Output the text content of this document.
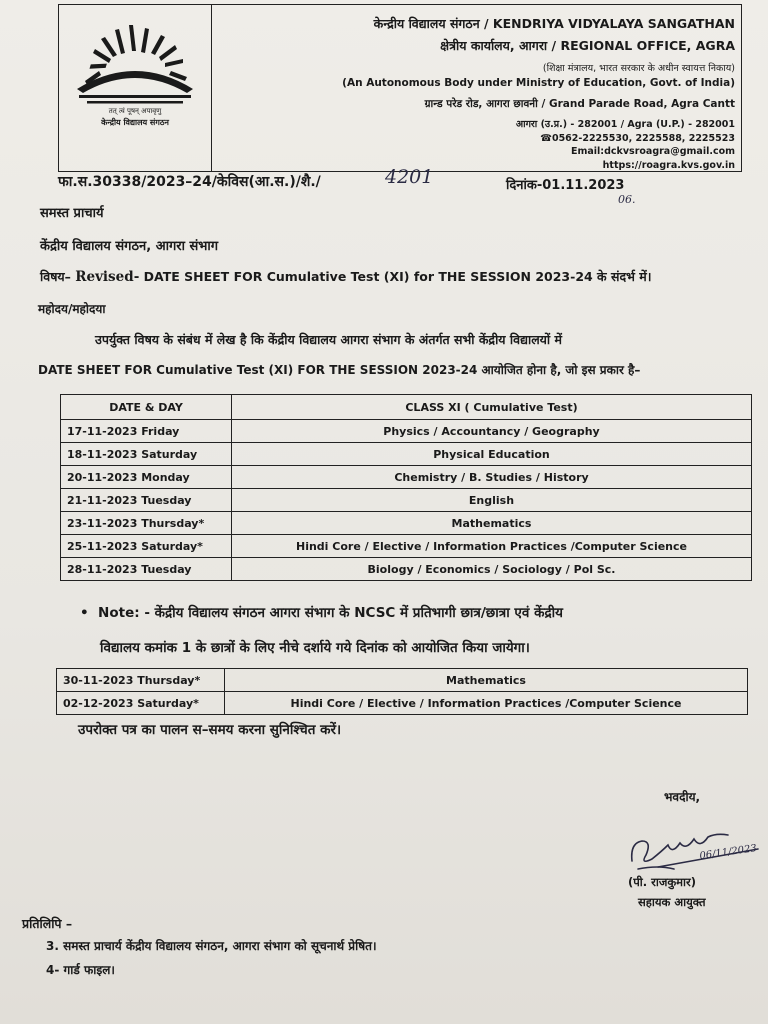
तत् त्वं पूषन् अपावृणु
केन्द्रीय विद्यालय संगठन
केन्द्रीय विद्यालय संगठन / KENDRIYA VIDYALAYA SANGATHAN
क्षेत्रीय कार्यालय, आगरा / REGIONAL OFFICE, AGRA
(शिक्षा मंत्रालय, भारत सरकार के अधीन स्वायत्त निकाय)
(An Autonomous Body under Ministry of Education, Govt. of India)
ग्रान्ड परेड रोड, आगरा छावनी / Grand Parade Road, Agra Cantt
आगरा (उ.प्र.) - 282001 / Agra (U.P.) - 282001
☎0562-2225530, 2225588, 2225523
Email:dckvsroagra@gmail.com
https://roagra.kvs.gov.in
फा.स.30338/2023–24/केविस(आ.स.)/शै./	4201	दिनांक-01.11.2023
06.
समस्त प्राचार्य
केंद्रीय विद्यालय संगठन, आगरा संभाग
विषय– Revised- DATE SHEET FOR Cumulative Test (XI) for THE SESSION 2023-24 के संदर्भ में।
महोदय/महोदया
उपर्युक्त विषय के संबंध में लेख है कि केंद्रीय विद्यालय आगरा संभाग के अंतर्गत सभी केंद्रीय विद्यालयों में
DATE SHEET FOR Cumulative Test (XI) FOR THE SESSION 2023-24 आयोजित होना है, जो इस प्रकार है–
DATE & DAY	CLASS XI ( Cumulative Test)
17-11-2023 Friday	Physics / Accountancy / Geography
18-11-2023 Saturday	Physical Education
20-11-2023 Monday	Chemistry / B. Studies / History
21-11-2023 Tuesday	English
23-11-2023 Thursday*	Mathematics
25-11-2023 Saturday*	Hindi Core / Elective / Information Practices /Computer Science
28-11-2023 Tuesday	Biology / Economics / Sociology / Pol Sc.
• Note: - केंद्रीय विद्यालय संगठन आगरा संभाग के NCSC में प्रतिभागी छात्र/छात्रा एवं केंद्रीय
विद्यालय कमांक 1 के छात्रों के लिए नीचे दर्शाये गये दिनांक को आयोजित किया जायेगा।
30-11-2023 Thursday*	Mathematics
02-12-2023 Saturday*	Hindi Core / Elective / Information Practices /Computer Science
उपरोक्त पत्र का पालन स–समय करना सुनिश्चित करें।
भवदीय,
06/11/2023
(पी. राजकुमार)
सहायक आयुक्त
प्रतिलिपि –
3. समस्त प्राचार्य केंद्रीय विद्यालय संगठन, आगरा संभाग को सूचनार्थ प्रेषित।
4- गार्ड फाइल।
